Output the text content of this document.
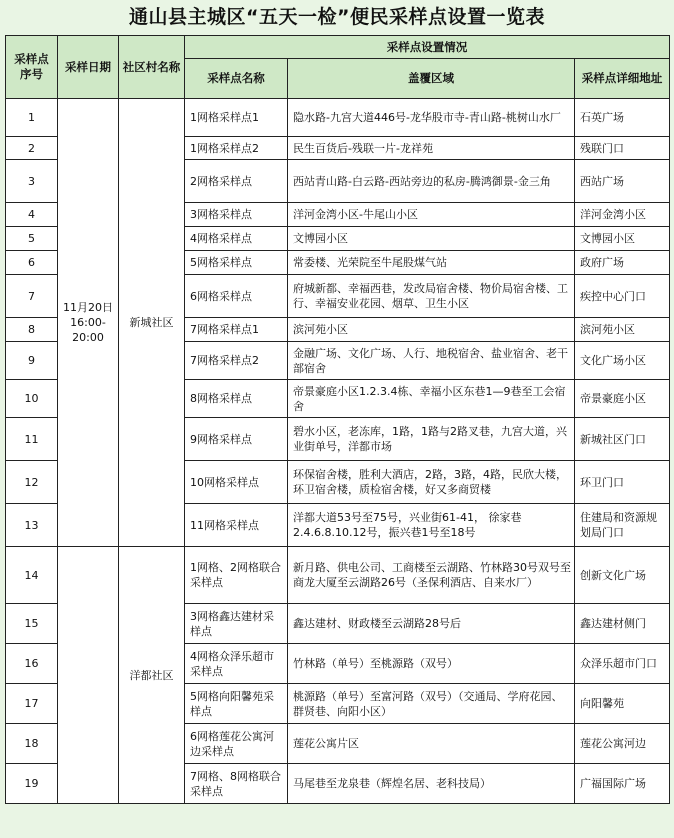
通山县主城区“五天一检”便民采样点设置一览表
采样点序号	采样日期	社区村名称	采样点设置情况		
			采样点名称	盖覆区域	采样点详细地址
1	11月20日 16:00-20:00	新城社区	1网格采样点1	隐水路-九宫大道446号-龙华股市寺-青山路-桃树山水厂	石英广场
2			1网格采样点2	民生百货后-残联一片-龙祥苑	残联门口
3			2网格采样点	西站青山路-白云路-西站旁边的私房-腾鸿御景-金三角	西站广场
4			3网格采样点	洋河金湾小区-牛尾山小区	洋河金湾小区
5			4网格采样点	文博园小区	文博园小区
6			5网格采样点	常委楼、光荣院至牛尾股煤气站	政府广场
7			6网格采样点	府城新都、幸福西巷，发改局宿舍楼、物价局宿舍楼、工行、幸福安业花园、烟草、卫生小区	疾控中心门口
8			7网格采样点1	滨河苑小区	滨河苑小区
9			7网格采样点2	金融广场、文化广场、人行、地税宿舍、盐业宿舍、老干部宿舍	文化广场小区
10			8网格采样点	帝景豪庭小区1.2.3.4栋、幸福小区东巷1—9巷至工会宿舍	帝景豪庭小区
11			9网格采样点	碧水小区，老冻库，1路，1路与2路叉巷，九宫大道，兴业街单号，洋都市场	新城社区门口
12			10网格采样点	环保宿舍楼，胜利大酒店，2路，3路，4路，民欣大楼，环卫宿舍楼，质检宿舍楼，好又多商贸楼	环卫门口
13			11网格采样点	洋都大道53号至75号，兴业街61-41， 徐家巷2.4.6.8.10.12号，振兴巷1号至18号	住建局和资源规划局门口
14		洋都社区	1网格、2网格联合采样点	新月路、供电公司、工商楼至云湖路、竹林路30号双号至商龙大厦至云湖路26号（圣保利酒店、自来水厂）	创新文化广场
15			3网格鑫达建材采样点	鑫达建材、财政楼至云湖路28号后	鑫达建材侧门
16			4网格众泽乐超市采样点	竹林路（单号）至桃源路（双号）	众泽乐超市门口
17			5网格向阳馨苑采样点	桃源路（单号）至富河路（双号）（交通局、学府花园、群贤巷、向阳小区）	向阳馨苑
18			6网格莲花公寓河边采样点	莲花公寓片区	莲花公寓河边
19			7网格、8网格联合采样点	马尾巷至龙泉巷（辉煌名居、老科技局）	广福国际广场
